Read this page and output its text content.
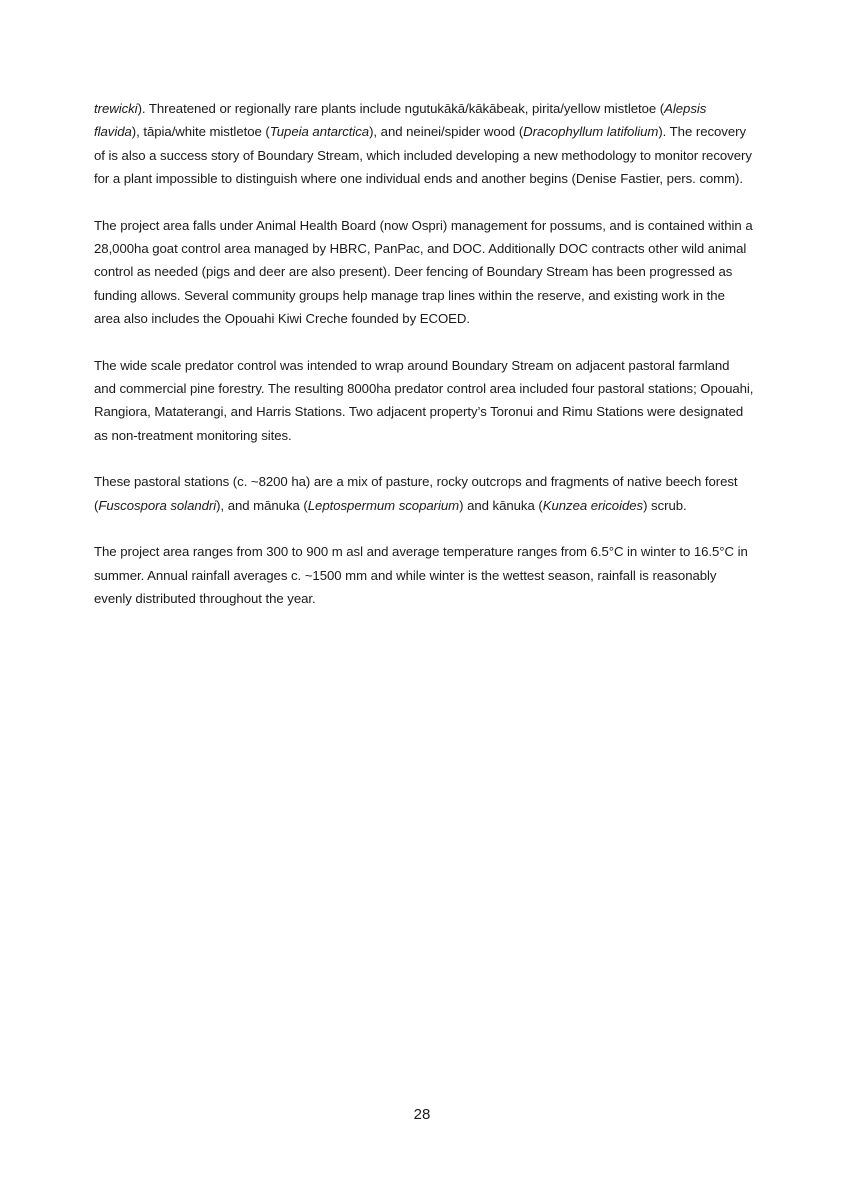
trewicki). Threatened or regionally rare plants include ngutukākā/kākābeak, pirita/yellow mistletoe (Alepsis flavida), tāpia/white mistletoe (Tupeia antarctica), and neinei/spider wood (Dracophyllum latifolium). The recovery of is also a success story of Boundary Stream, which included developing a new methodology to monitor recovery for a plant impossible to distinguish where one individual ends and another begins (Denise Fastier, pers. comm).

The project area falls under Animal Health Board (now Ospri) management for possums, and is contained within a 28,000ha goat control area managed by HBRC, PanPac, and DOC. Additionally DOC contracts other wild animal control as needed (pigs and deer are also present). Deer fencing of Boundary Stream has been progressed as funding allows. Several community groups help manage trap lines within the reserve, and existing work in the area also includes the Opouahi Kiwi Creche founded by ECOED.

The wide scale predator control was intended to wrap around Boundary Stream on adjacent pastoral farmland and commercial pine forestry. The resulting 8000ha predator control area included four pastoral stations; Opouahi, Rangiora, Mataterangi, and Harris Stations. Two adjacent property’s Toronui and Rimu Stations were designated as non-treatment monitoring sites.

These pastoral stations (c. ~8200 ha) are a mix of pasture, rocky outcrops and fragments of native beech forest (Fuscospora solandri), and mānuka (Leptospermum scoparium) and kānuka (Kunzea ericoides) scrub.

The project area ranges from 300 to 900 m asl and average temperature ranges from 6.5°C in winter to 16.5°C in summer. Annual rainfall averages c. ~1500 mm and while winter is the wettest season, rainfall is reasonably evenly distributed throughout the year.

28
